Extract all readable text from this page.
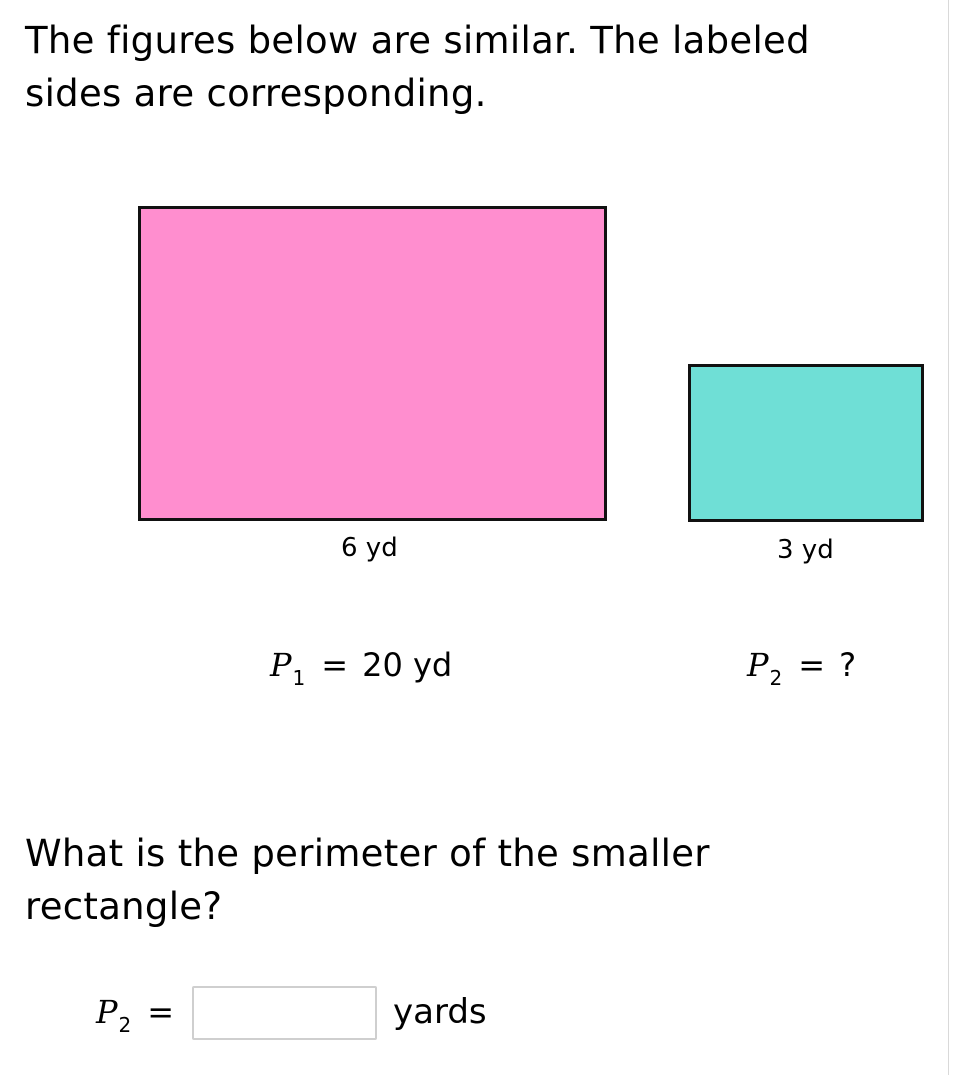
The figures below are similar. The labeled sides are corresponding.

6 yd	3 yd
$P_1 = 20$ yd	$P_2$ = ?

What is the perimeter of the smaller rectangle?

$P_2$ =	yards
